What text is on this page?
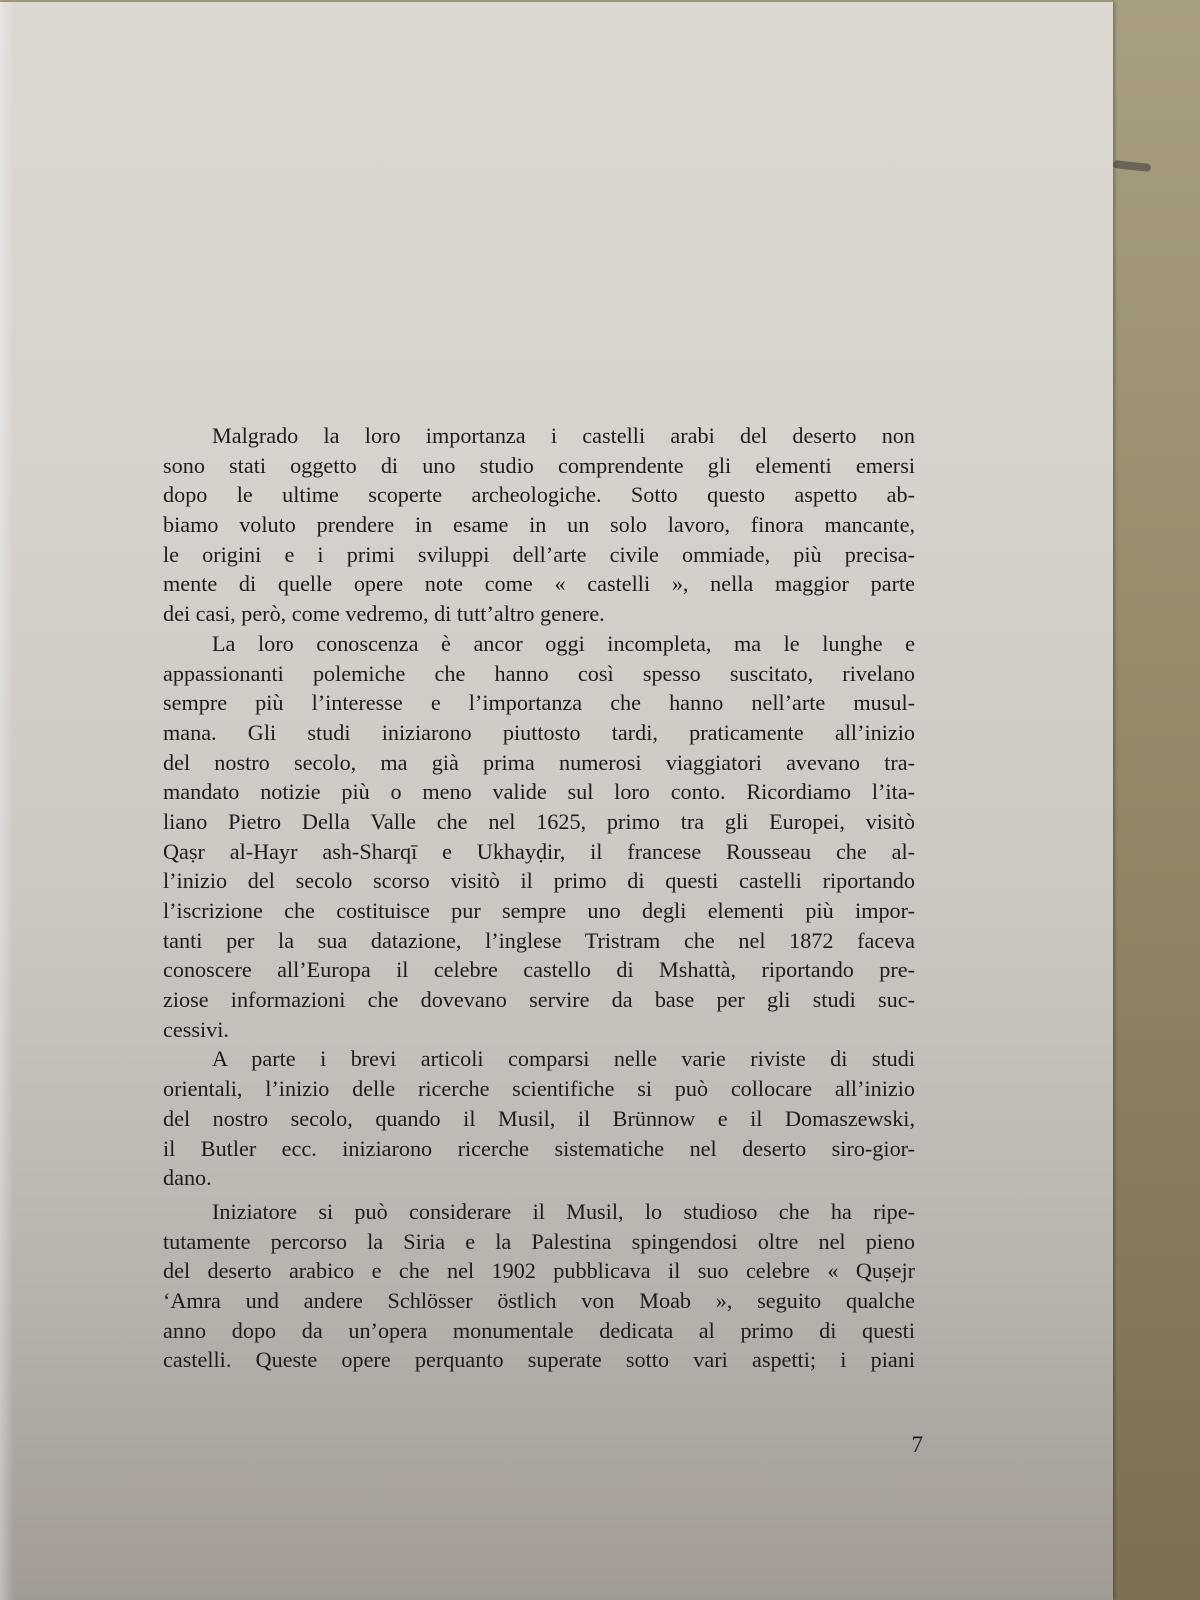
Malgrado la loro importanza i castelli arabi del deserto non
sono stati oggetto di uno studio comprendente gli elementi emersi
dopo le ultime scoperte archeologiche. Sotto questo aspetto ab-
biamo voluto prendere in esame in un solo lavoro, finora mancante,
le origini e i primi sviluppi dell’arte civile ommiade, più precisa-
mente di quelle opere note come « castelli », nella maggior parte
dei casi, però, come vedremo, di tutt’altro genere.
La loro conoscenza è ancor oggi incompleta, ma le lunghe e
appassionanti polemiche che hanno così spesso suscitato, rivelano
sempre più l’interesse e l’importanza che hanno nell’arte musul-
mana. Gli studi iniziarono piuttosto tardi, praticamente all’inizio
del nostro secolo, ma già prima numerosi viaggiatori avevano tra-
mandato notizie più o meno valide sul loro conto. Ricordiamo l’ita-
liano Pietro Della Valle che nel 1625, primo tra gli Europei, visitò
Qaṣr al-Hayr ash-Sharqī e Ukhayḍir, il francese Rousseau che al-
l’inizio del secolo scorso visitò il primo di questi castelli riportando
l’iscrizione che costituisce pur sempre uno degli elementi più impor-
tanti per la sua datazione, l’inglese Tristram che nel 1872 faceva
conoscere all’Europa il celebre castello di Mshattà, riportando pre-
ziose informazioni che dovevano servire da base per gli studi suc-
cessivi.
A parte i brevi articoli comparsi nelle varie riviste di studi
orientali, l’inizio delle ricerche scientifiche si può collocare all’inizio
del nostro secolo, quando il Musil, il Brünnow e il Domaszewski,
il Butler ecc. iniziarono ricerche sistematiche nel deserto siro-gior-
dano.
Iniziatore si può considerare il Musil, lo studioso che ha ripe-
tutamente percorso la Siria e la Palestina spingendosi oltre nel pieno
del deserto arabico e che nel 1902 pubblicava il suo celebre « Quṣejr
‘Amra und andere Schlösser östlich von Moab », seguito qualche
anno dopo da un’opera monumentale dedicata al primo di questi
castelli. Queste opere perquanto superate sotto vari aspetti; i piani
7
